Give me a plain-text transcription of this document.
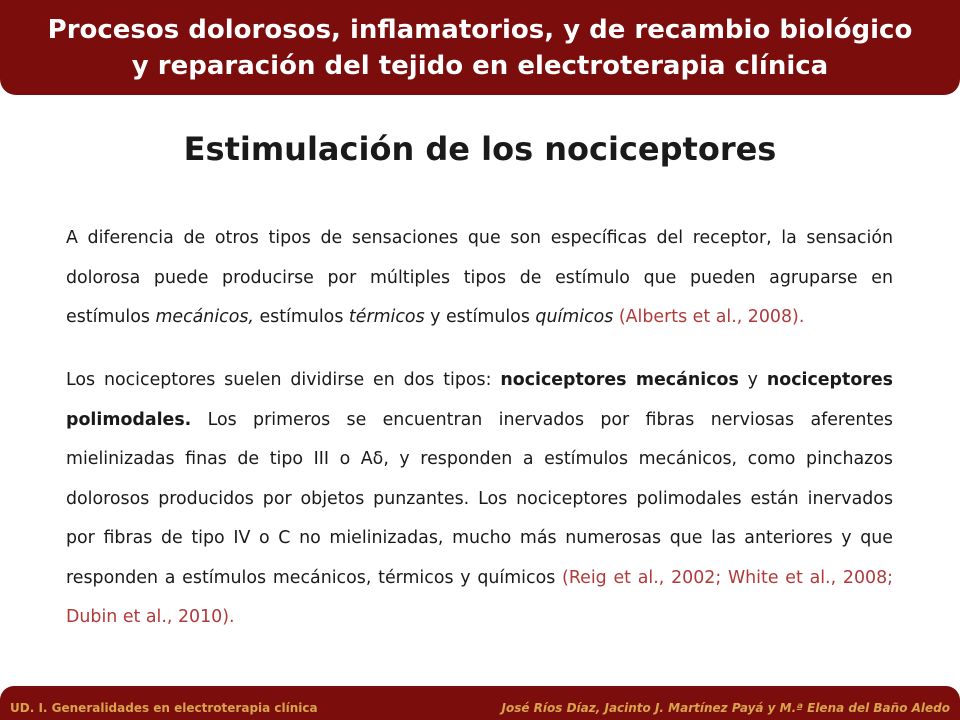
Procesos dolorosos, inflamatorios, y de recambio biológico
y reparación del tejido en electroterapia clínica
Estimulación de los nociceptores
A diferencia de otros tipos de sensaciones que son específicas del receptor, la sensación dolorosa puede producirse por múltiples tipos de estímulo que pueden agruparse en estímulos mecánicos, estímulos térmicos y estímulos químicos (Alberts et al., 2008).
Los nociceptores suelen dividirse en dos tipos: nociceptores mecánicos y nociceptores polimodales. Los primeros se encuentran inervados por fibras nerviosas aferentes mielinizadas finas de tipo III o Aδ, y responden a estímulos mecánicos, como pinchazos dolorosos producidos por objetos punzantes. Los nociceptores polimodales están inervados por fibras de tipo IV o C no mielinizadas, mucho más numerosas que las anteriores y que responden a estímulos mecánicos, térmicos y químicos (Reig et al., 2002; White et al., 2008; Dubin et al., 2010).
UD. I. Generalidades en electroterapia clínica	José Ríos Díaz, Jacinto J. Martínez Payá y M.ª Elena del Baño Aledo
